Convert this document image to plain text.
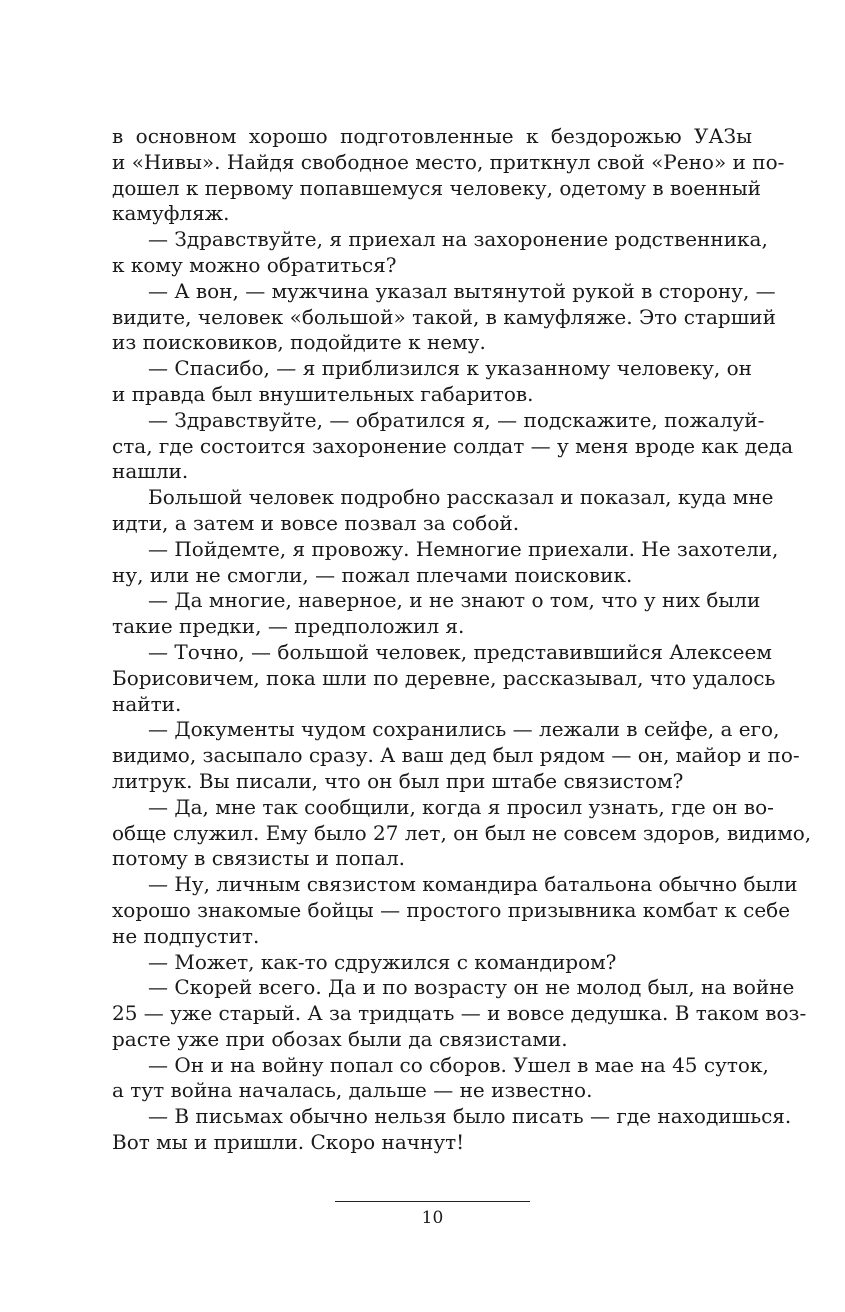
в основном хорошо подготовленные к бездорожью УАЗы
и «Нивы». Найдя свободное место, приткнул свой «Рено» и по-
дошел к первому попавшемуся человеку, одетому в военный
камуфляж.
— Здравствуйте, я приехал на захоронение родственника,
к кому можно обратиться?
— А вон, — мужчина указал вытянутой рукой в сторону, —
видите, человек «большой» такой, в камуфляже. Это старший
из поисковиков, подойдите к нему.
— Спасибо, — я приблизился к указанному человеку, он
и правда был внушительных габаритов.
— Здравствуйте, — обратился я, — подскажите, пожалуй-
ста, где состоится захоронение солдат — у меня вроде как деда
нашли.
Большой человек подробно рассказал и показал, куда мне
идти, а затем и вовсе позвал за собой.
— Пойдемте, я провожу. Немногие приехали. Не захотели,
ну, или не смогли, — пожал плечами поисковик.
— Да многие, наверное, и не знают о том, что у них были
такие предки, — предположил я.
— Точно, — большой человек, представившийся Алексеем
Борисовичем, пока шли по деревне, рассказывал, что удалось
найти.
— Документы чудом сохранились — лежали в сейфе, а его,
видимо, засыпало сразу. А ваш дед был рядом — он, майор и по-
литрук. Вы писали, что он был при штабе связистом?
— Да, мне так сообщили, когда я просил узнать, где он во-
обще служил. Ему было 27 лет, он был не совсем здоров, видимо,
потому в связисты и попал.
— Ну, личным связистом командира батальона обычно были
хорошо знакомые бойцы — простого призывника комбат к себе
не подпустит.
— Может, как-то сдружился с командиром?
— Скорей всего. Да и по возрасту он не молод был, на войне
25 — уже старый. А за тридцать — и вовсе дедушка. В таком воз-
расте уже при обозах были да связистами.
— Он и на войну попал со сборов. Ушел в мае на 45 суток,
а тут война началась, дальше — не известно.
— В письмах обычно нельзя было писать — где находишься.
Вот мы и пришли. Скоро начнут!
10
